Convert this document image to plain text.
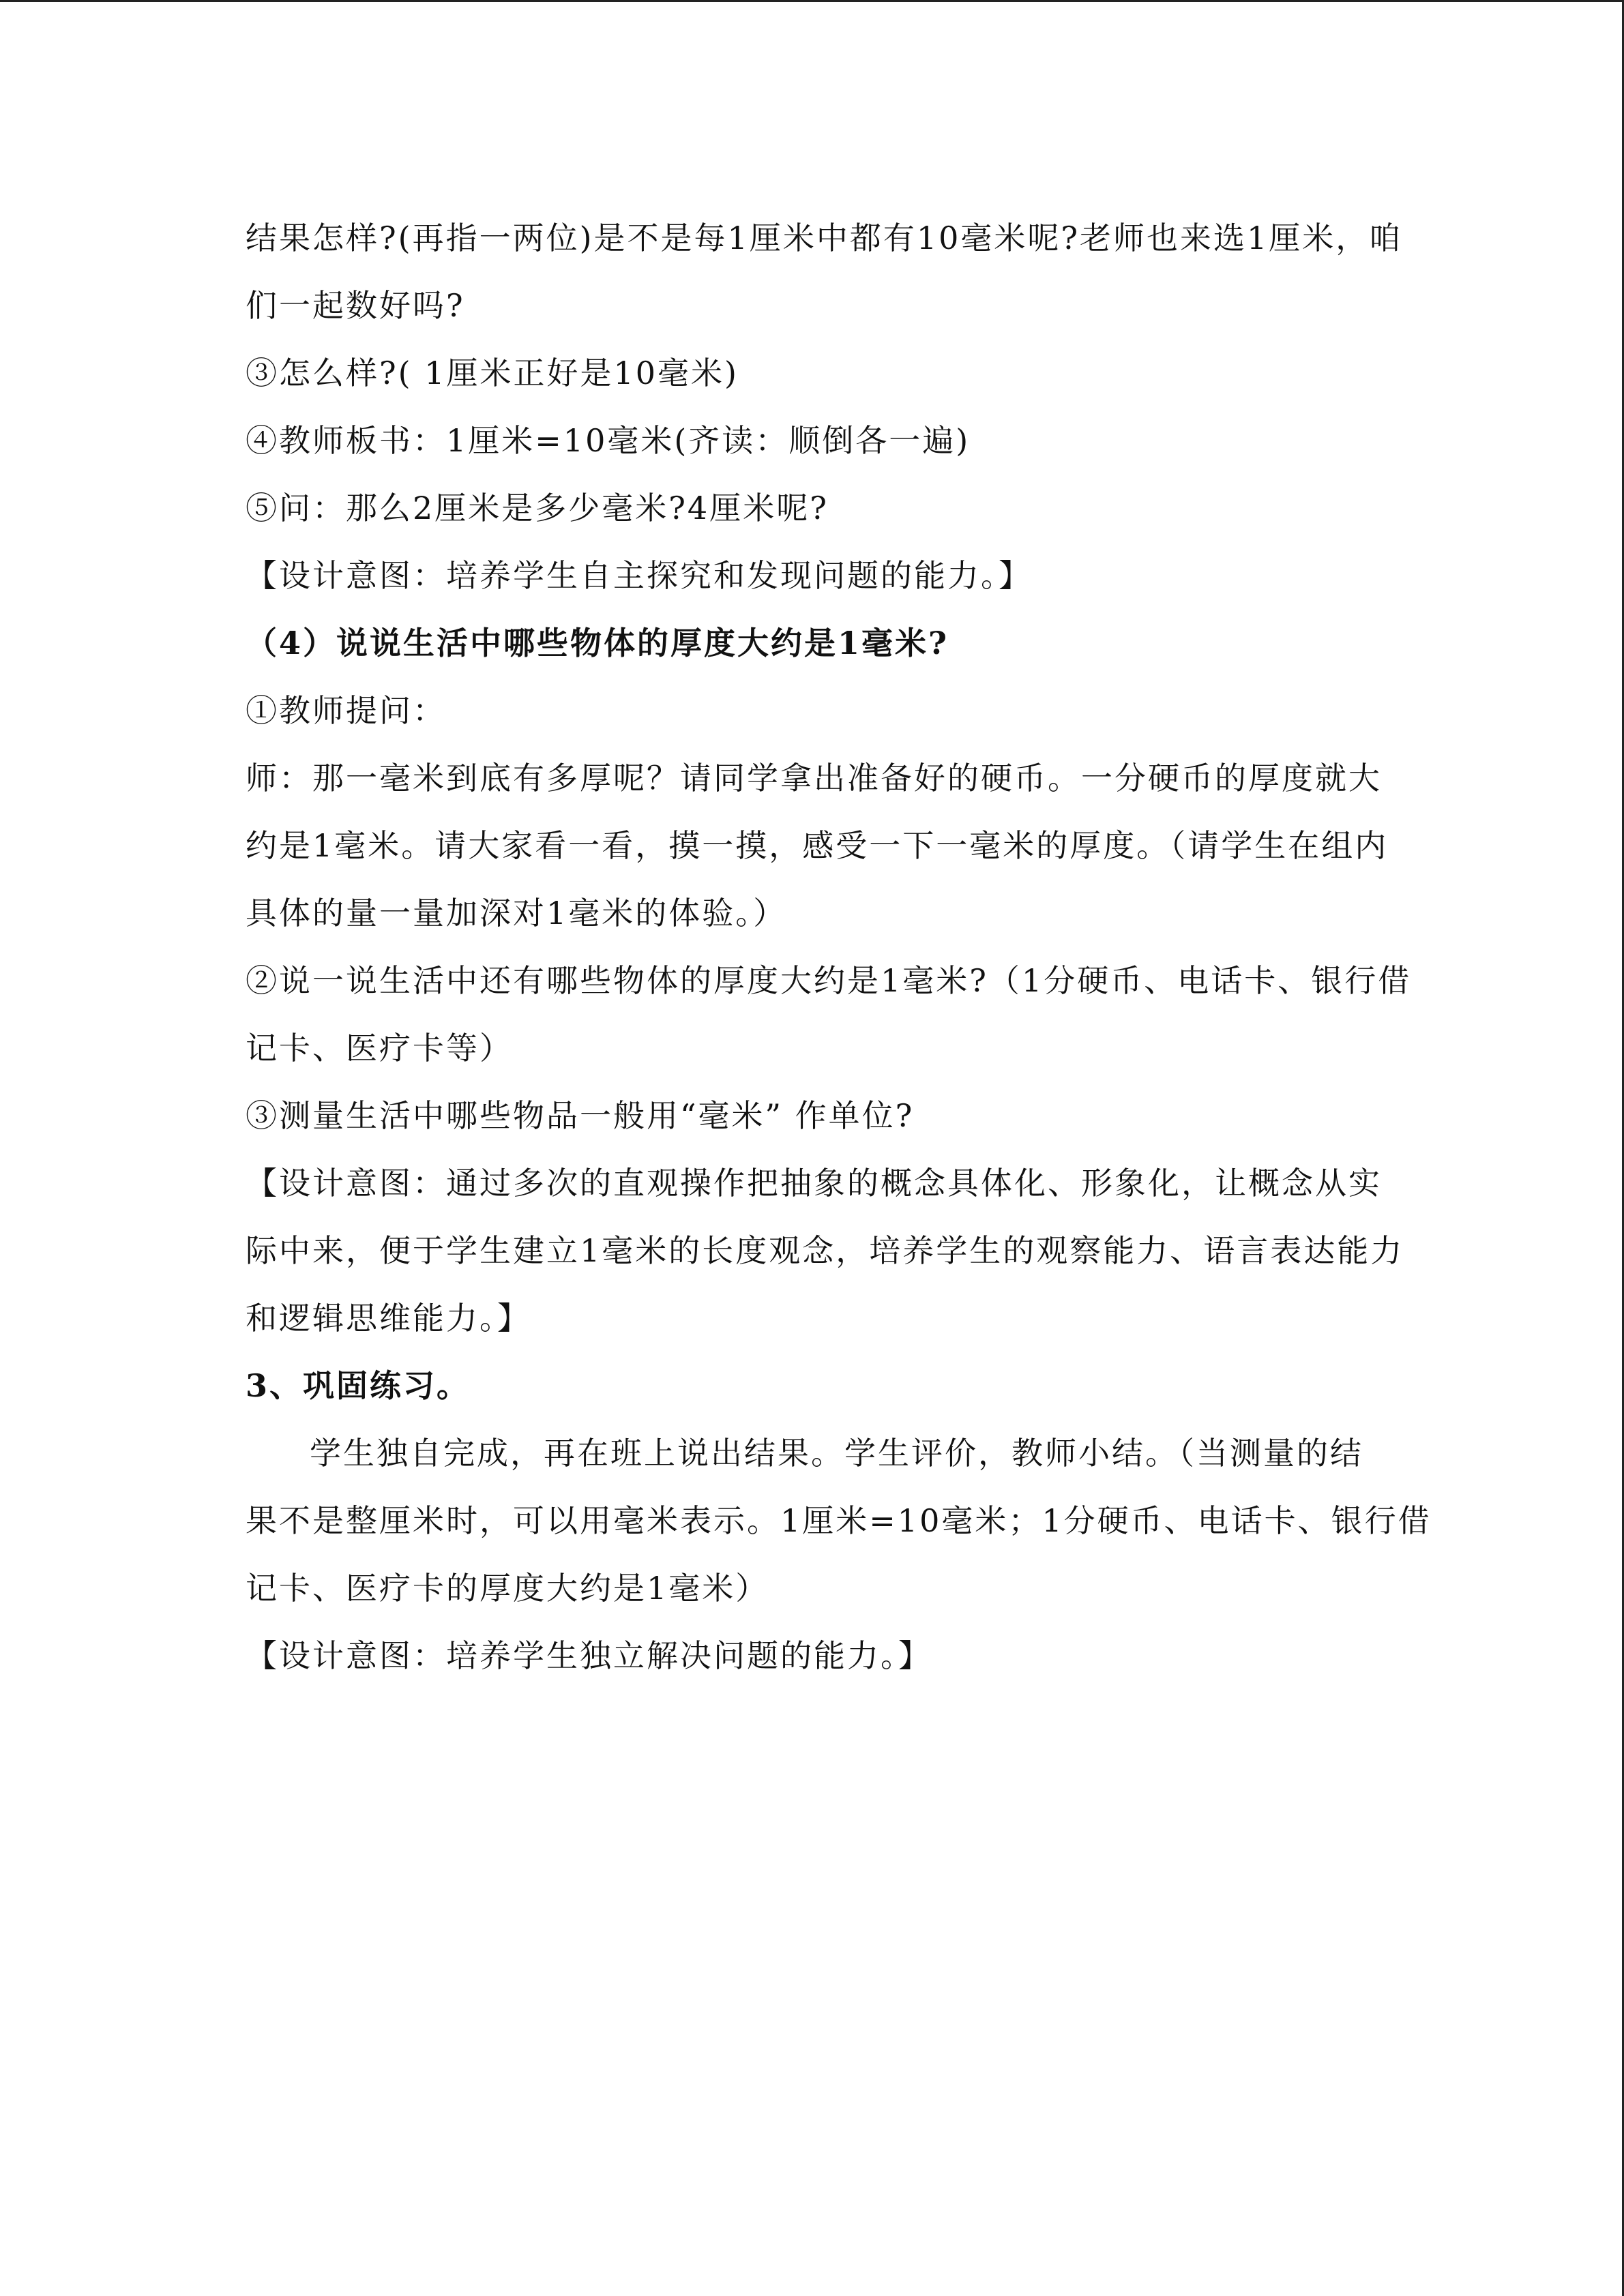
结果怎样?(再指一两位)是不是每1厘米中都有10毫米呢?老师也来选1厘米，咱
们一起数好吗?
③怎么样?( 1厘米正好是10毫米)
④教师板书：1厘米=10毫米(齐读：顺倒各一遍)
⑤问：那么2厘米是多少毫米?4厘米呢?
【设计意图：培养学生自主探究和发现问题的能力。】
（4）说说生活中哪些物体的厚度大约是1毫米?
①教师提问：
师：那一毫米到底有多厚呢？请同学拿出准备好的硬币。一分硬币的厚度就大
约是1毫米。请大家看一看，摸一摸，感受一下一毫米的厚度。（请学生在组内
具体的量一量加深对1毫米的体验。）
②说一说生活中还有哪些物体的厚度大约是1毫米?（1分硬币、电话卡、银行借
记卡、医疗卡等）
③测量生活中哪些物品一般用“毫米” 作单位?
【设计意图：通过多次的直观操作把抽象的概念具体化、形象化，让概念从实
际中来，便于学生建立1毫米的长度观念，培养学生的观察能力、语言表达能力
和逻辑思维能力。】
3、巩固练习。
学生独自完成，再在班上说出结果。学生评价，教师小结。（当测量的结
果不是整厘米时，可以用毫米表示。1厘米=10毫米；1分硬币、电话卡、银行借
记卡、医疗卡的厚度大约是1毫米）
【设计意图：培养学生独立解决问题的能力。】
